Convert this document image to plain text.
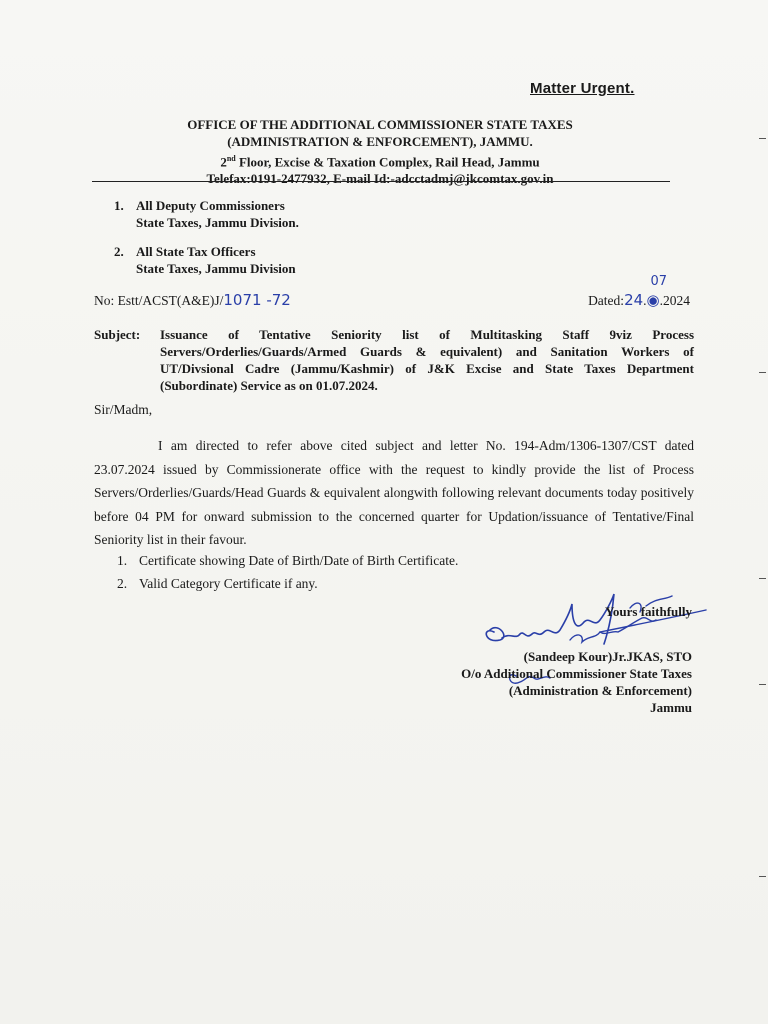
Matter Urgent.
OFFICE OF THE ADDITIONAL COMMISSIONER STATE TAXES
(ADMINISTRATION & ENFORCEMENT), JAMMU.
2nd Floor, Excise & Taxation Complex, Rail Head, Jammu
Telefax:0191-2477932, E-mail Id:-adcctadmj@jkcomtax.gov.in
1. All Deputy Commissioners
State Taxes, Jammu Division.
2. All State Tax Officers
State Taxes, Jammu Division
No: Estt/ACST(A&E)J/1071 -72	Dated:24.
07
◉.2024
Subject:	Issuance of Tentative Seniority list of Multitasking Staff 9viz Process Servers/Orderlies/Guards/Armed Guards & equivalent) and Sanitation Workers of UT/Divsional Cadre (Jammu/Kashmir) of J&K Excise and State Taxes Department (Subordinate) Service as on 01.07.2024.
Sir/Madm,
I am directed to refer above cited subject and letter No. 194-Adm/1306-1307/CST dated 23.07.2024 issued by Commissionerate office with the request to kindly provide the list of Process Servers/Orderlies/Guards/Head Guards & equivalent alongwith following relevant documents today positively before 04 PM for onward submission to the concerned quarter for Updation/issuance of Tentative/Final Seniority list in their favour.
1. Certificate showing Date of Birth/Date of Birth Certificate.
2. Valid Category Certificate if any.
Yours faithfully
(Sandeep Kour)Jr.JKAS, STO
O/o Additional Commissioner State Taxes
(Administration & Enforcement)
Jammu
